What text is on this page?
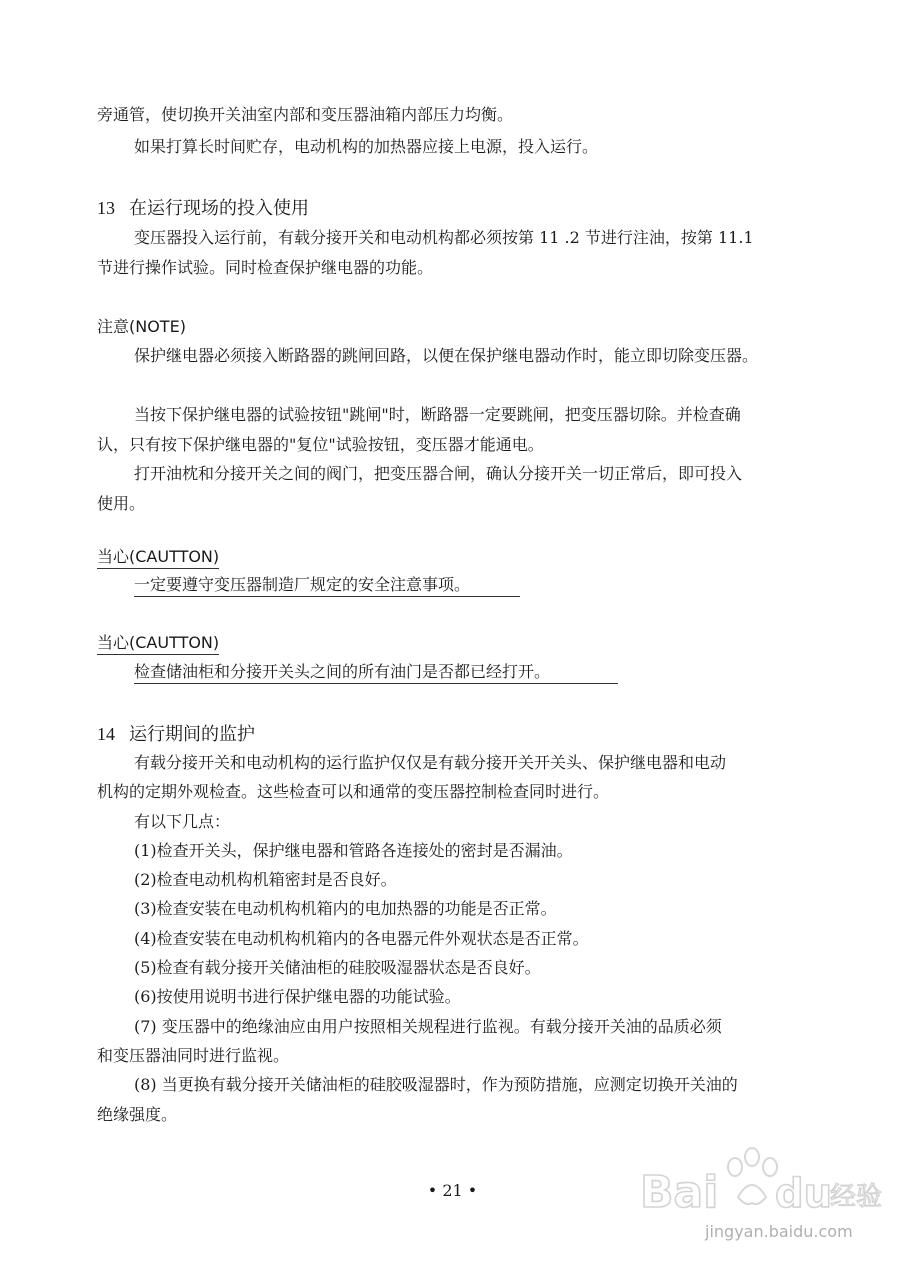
旁通管，使切换开关油室内部和变压器油箱内部压力均衡。
如果打算长时间贮存，电动机构的加热器应接上电源，投入运行。
13 在运行现场的投入使用
变压器投入运行前，有载分接开关和电动机构都必须按第 11 .2 节进行注油，按第 11.1
节进行操作试验。同时检查保护继电器的功能。
注意(NOTE)
保护继电器必须接入断路器的跳闸回路，以便在保护继电器动作时，能立即切除变压器。
当按下保护继电器的试验按钮"跳闸"时，断路器一定要跳闸，把变压器切除。并检查确
认，只有按下保护继电器的"复位"试验按钮，变压器才能通电。
打开油枕和分接开关之间的阀门，把变压器合闸，确认分接开关一切正常后，即可投入
使用。
当心(CAUTTON)
一定要遵守变压器制造厂规定的安全注意事项。
当心(CAUTTON)
检查储油柜和分接开关头之间的所有油门是否都已经打开。
14 运行期间的监护
有载分接开关和电动机构的运行监护仅仅是有载分接开关开关头、保护继电器和电动
机构的定期外观检查。这些检查可以和通常的变压器控制检查同时进行。
有以下几点：
(1)检查开关头，保护继电器和管路各连接处的密封是否漏油。
(2)检查电动机构机箱密封是否良好。
(3)检查安装在电动机构机箱内的电加热器的功能是否正常。
(4)检查安装在电动机构机箱内的各电器元件外观状态是否正常。
(5)检查有载分接开关储油柜的硅胶吸湿器状态是否良好。
(6)按使用说明书进行保护继电器的功能试验。
(7) 变压器中的绝缘油应由用户按照相关规程进行监视。有载分接开关油的品质必须
和变压器油同时进行监视。
(8) 当更换有载分接开关储油柜的硅胶吸湿器时，作为预防措施，应测定切换开关油的
绝缘强度。
• 21 •	Bai du
经验
jingyan.baidu.com
